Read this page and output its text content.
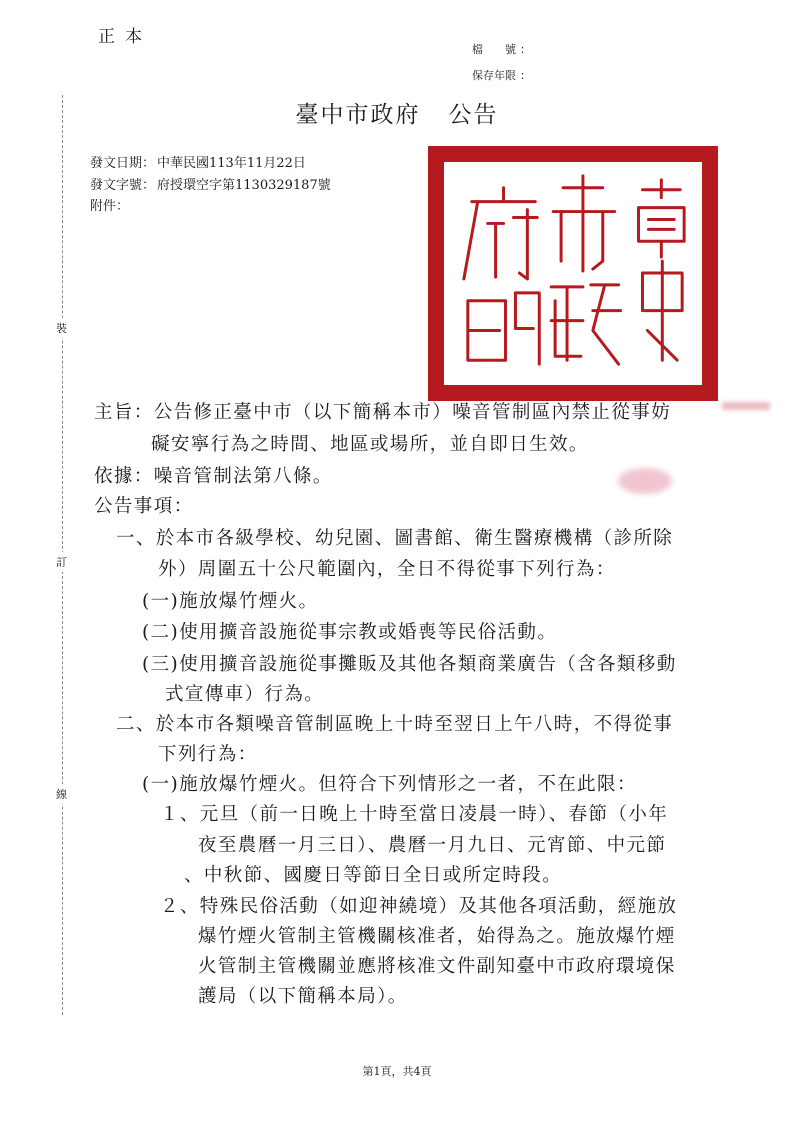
正本
檔　　號 ：
保存年限 ：
裝
訂
線
臺中市政府 公告
發文日期： 中華民國113年11月22日
發文字號： 府授環空字第1130329187號
附件：
主旨：公告修正臺中市（以下簡稱本市）噪音管制區內禁止從事妨
礙安寧行為之時間、地區或場所，並自即日生效。
依據：噪音管制法第八條。
公告事項：
一、於本市各級學校、幼兒園、圖書館、衛生醫療機構（診所除
外）周圍五十公尺範圍內，全日不得從事下列行為：
(一)施放爆竹煙火。
(二)使用擴音設施從事宗教或婚喪等民俗活動。
(三)使用擴音設施從事攤販及其他各類商業廣告（含各類移動
式宣傳車）行為。
二、於本市各類噪音管制區晚上十時至翌日上午八時，不得從事
下列行為：
(一)施放爆竹煙火。但符合下列情形之一者，不在此限：
１、元旦（前一日晚上十時至當日凌晨一時）、春節（小年
夜至農曆一月三日）、農曆一月九日、元宵節、中元節
、中秋節、國慶日等節日全日或所定時段。
２、特殊民俗活動（如迎神繞境）及其他各項活動，經施放
爆竹煙火管制主管機關核准者，始得為之。施放爆竹煙
火管制主管機關並應將核准文件副知臺中市政府環境保
護局（以下簡稱本局）。
第1頁，共4頁
